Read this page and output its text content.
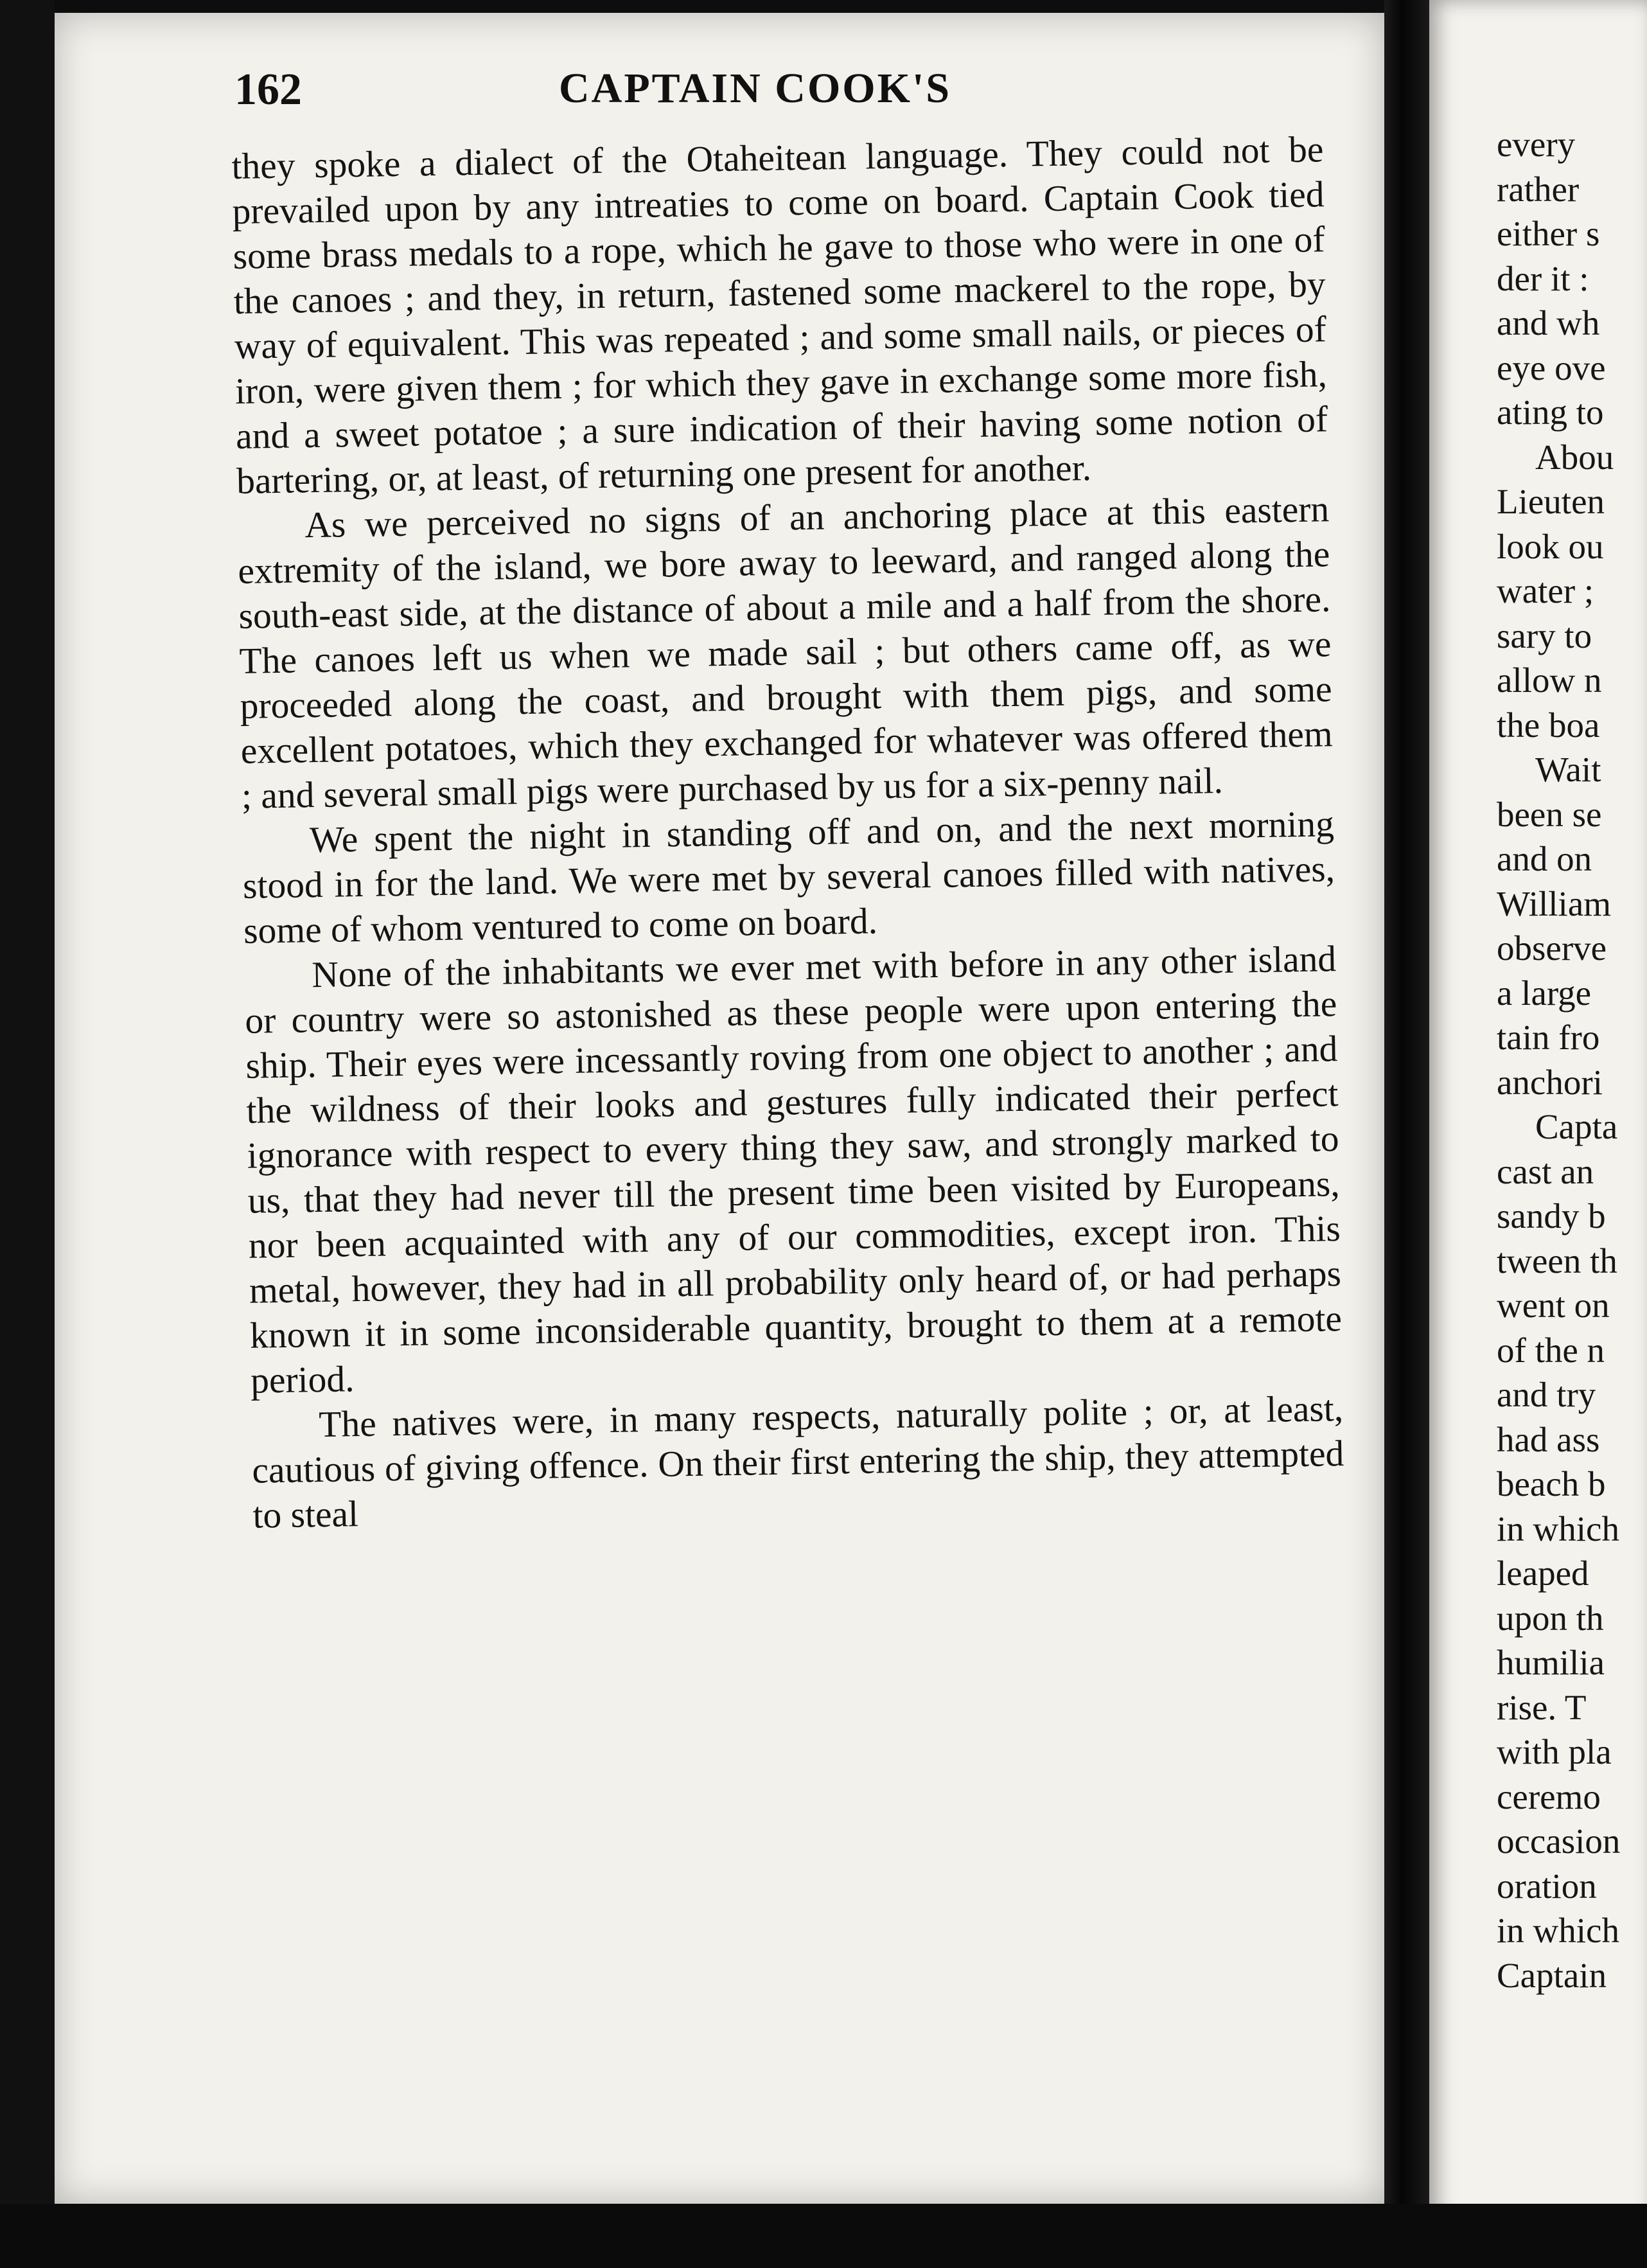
162	CAPTAIN COOK'S

they spoke a dialect of the Otaheitean language. They could not be prevailed upon by any intreaties to come on board. Captain Cook tied some brass medals to a rope, which he gave to those who were in one of the canoes ; and they, in return, fastened some mackerel to the rope, by way of equivalent. This was repeated ; and some small nails, or pieces of iron, were given them ; for which they gave in exchange some more fish, and a sweet potatoe ; a sure indication of their having some notion of bartering, or, at least, of returning one present for another.

As we perceived no signs of an anchoring place at this eastern extremity of the island, we bore away to leeward, and ranged along the south-east side, at the distance of about a mile and a half from the shore. The canoes left us when we made sail ; but others came off, as we proceeded along the coast, and brought with them pigs, and some excellent potatoes, which they exchanged for whatever was offered them ; and several small pigs were purchased by us for a six-penny nail.

We spent the night in standing off and on, and the next morning stood in for the land. We were met by several canoes filled with natives, some of whom ventured to come on board.

None of the inhabitants we ever met with before in any other island or country were so astonished as these people were upon entering the ship. Their eyes were incessantly roving from one object to another ; and the wildness of their looks and gestures fully indicated their perfect ignorance with respect to every thing they saw, and strongly marked to us, that they had never till the present time been visited by Europeans, nor been acquainted with any of our commodities, except iron. This metal, however, they had in all probability only heard of, or had perhaps known it in some inconsiderable quantity, brought to them at a remote period.

The natives were, in many respects, naturally polite ; or, at least, cautious of giving offence. On their first entering the ship, they attempted to steal

every
rather
either s
der it :
and wh
eye ove
ating to
Abou
Lieuten
look ou
water ;
sary to
allow n
the boa
Wait
been se
and on
William
observe
a large
tain fro
anchori
Capta
cast an
sandy b
tween th
went on
of the n
and try
had ass
beach b
in which
leaped
upon th
humilia
rise. T
with pla
ceremo
occasion
oration
in which
Captain
